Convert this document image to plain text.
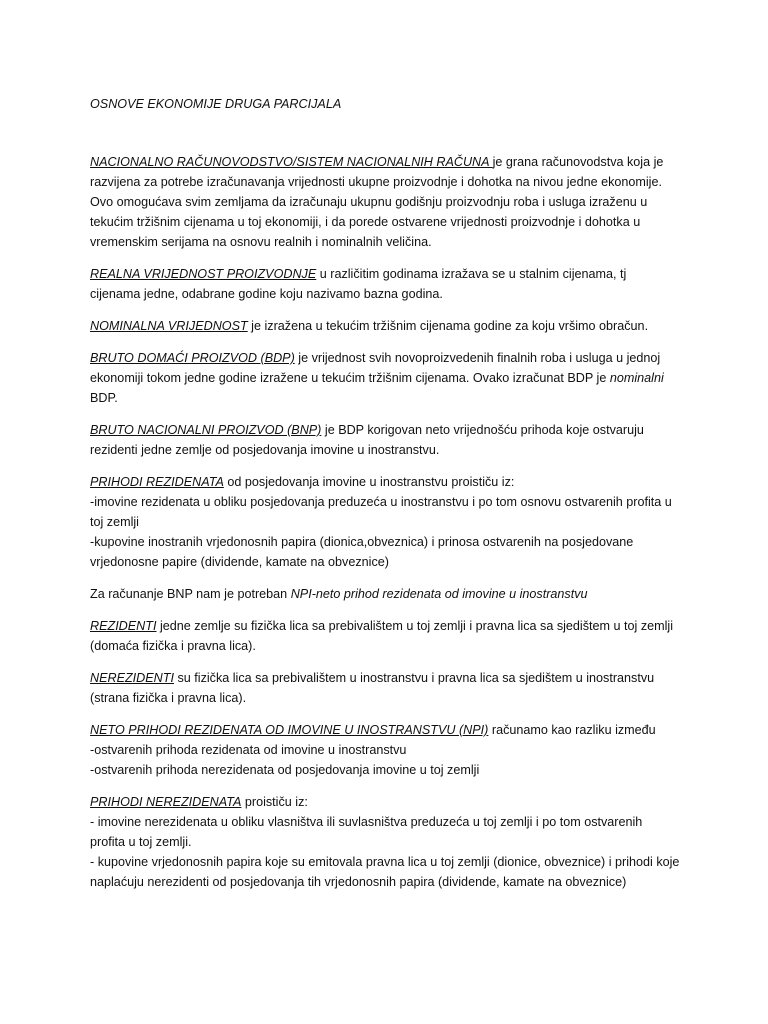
OSNOVE EKONOMIJE DRUGA PARCIJALA
NACIONALNO RAČUNOVODSTVO/SISTEM NACIONALNIH RAČUNA je grana računovodstva koja je razvijena za potrebe izračunavanja vrijednosti ukupne proizvodnje i dohotka na nivou jedne ekonomije. Ovo omogućava svim zemljama da izračunaju ukupnu godišnju proizvodnju roba i usluga izraženu u tekućim tržišnim cijenama u toj ekonomiji, i da porede ostvarene vrijednosti proizvodnje i dohotka u vremenskim serijama na osnovu realnih i nominalnih veličina.
REALNA VRIJEDNOST PROIZVODNJE u različitim godinama izražava se u stalnim cijenama, tj cijenama jedne, odabrane godine koju nazivamo bazna godina.
NOMINALNA VRIJEDNOST je izražena u tekućim tržišnim cijenama godine za koju vršimo obračun.
BRUTO DOMAĆI PROIZVOD (BDP) je vrijednost svih novoproizvedenih finalnih roba i usluga u jednoj ekonomiji tokom jedne godine izražene u tekućim tržišnim cijenama. Ovako izračunat BDP je nominalni BDP.
BRUTO NACIONALNI PROIZVOD (BNP) je BDP korigovan neto vrijednošću prihoda koje ostvaruju rezidenti jedne zemlje od posjedovanja imovine u inostranstvu.
PRIHODI REZIDENATA od posjedovanja imovine u inostranstvu proističu iz:
-imovine rezidenata u obliku posjedovanja preduzeća u inostranstvu i po tom osnovu ostvarenih profita u toj zemlji
-kupovine inostranih vrjedonosnih papira (dionica,obveznica) i prinosa ostvarenih na posjedovane vrjedonosne papire (dividende, kamate na obveznice)
Za računanje BNP nam je potreban NPI-neto prihod rezidenata od imovine u inostranstvu
REZIDENTI jedne zemlje su fizička lica sa prebivalištem u toj zemlji i pravna lica sa sjedištem u toj zemlji (domaća fizička i pravna lica).
NEREZIDENTI su fizička lica sa prebivalištem u inostranstvu i pravna lica sa sjedištem u inostranstvu (strana fizička i pravna lica).
NETO PRIHODI REZIDENATA OD IMOVINE U INOSTRANSTVU (NPI) računamo kao razliku između
-ostvarenih prihoda rezidenata od imovine u inostranstvu
-ostvarenih prihoda nerezidenata od posjedovanja imovine u toj zemlji
PRIHODI NEREZIDENATA proističu iz:
- imovine nerezidenata u obliku vlasništva ili suvlasništva preduzeća u toj zemlji i po tom ostvarenih profita u toj zemlji.
- kupovine vrjedonosnih papira koje su emitovala pravna lica u toj zemlji (dionice, obveznice) i prihodi koje naplaćuju nerezidenti od posjedovanja tih vrjedonosnih papira (dividende, kamate na obveznice)
